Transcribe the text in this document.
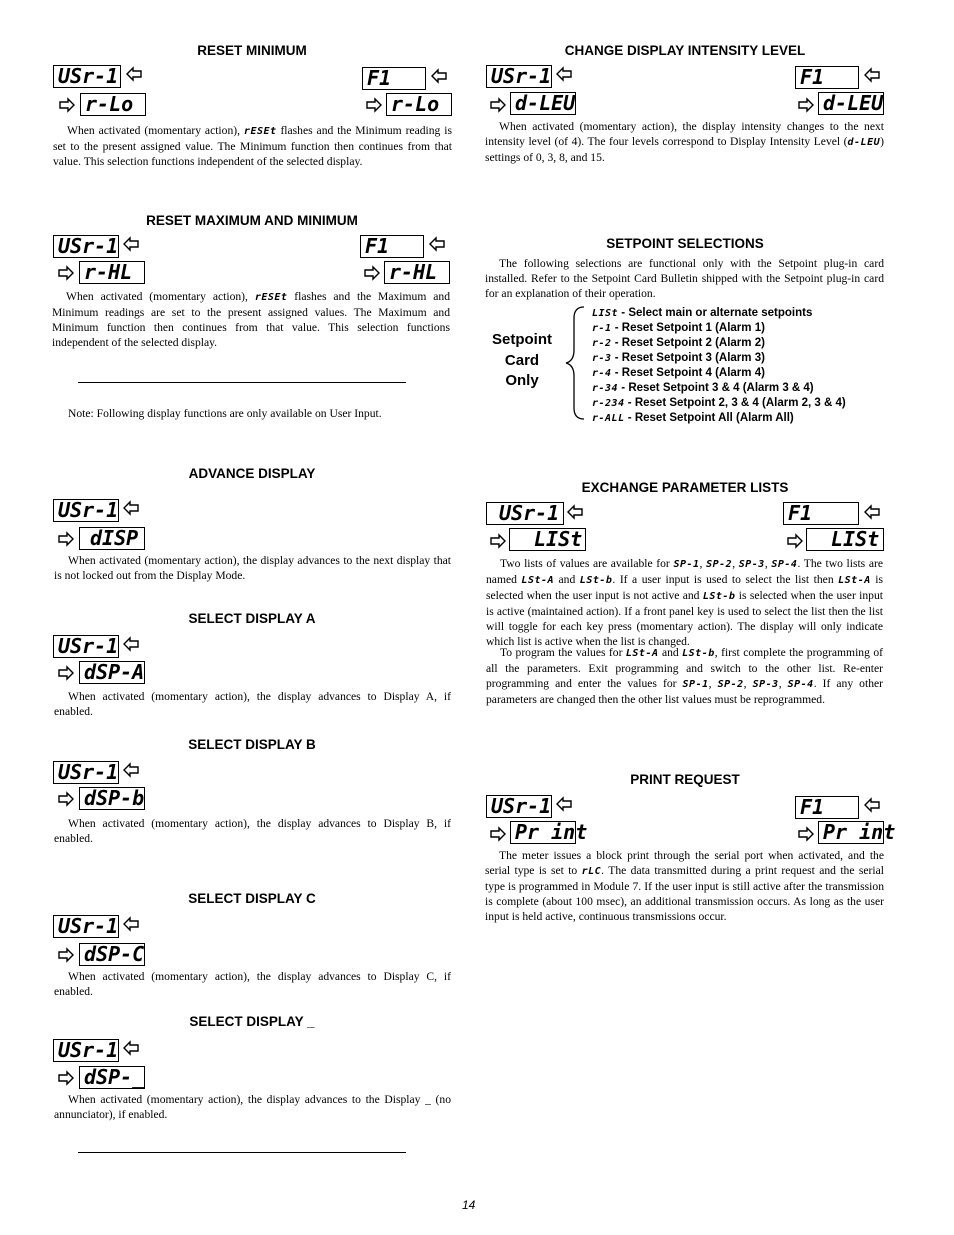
RESET MINIMUM
USr-1
r-Lo
F1
r-Lo
When activated (momentary action), rESEt flashes and the Minimum reading is set to the present assigned value. The Minimum function then continues from that value. This selection functions independent of the selected display.
RESET MAXIMUM AND MINIMUM
USr-1
r-HL
F1
r-HL
When activated (momentary action), rESEt flashes and the Maximum and Minimum readings are set to the present assigned values. The Maximum and Minimum function then continues from that value. This selection functions independent of the selected display.
Note: Following display functions are only available on User Input.
ADVANCE DISPLAY
USr-1
dISP
When activated (momentary action), the display advances to the next display that is not locked out from the Display Mode.
SELECT DISPLAY A
USr-1
dSP-A
When activated (momentary action), the display advances to Display A, if enabled.
SELECT DISPLAY B
USr-1
dSP-b
When activated (momentary action), the display advances to Display B, if enabled.
SELECT DISPLAY C
USr-1
dSP-C
When activated (momentary action), the display advances to Display C, if enabled.
SELECT DISPLAY _
USr-1
dSP-_
When activated (momentary action), the display advances to the Display _ (no annunciator), if enabled.
CHANGE DISPLAY INTENSITY LEVEL
USr-1
d-LEU
F1
d-LEU
When activated (momentary action), the display intensity changes to the next intensity level (of 4). The four levels correspond to Display Intensity Level (d-LEU) settings of 0, 3, 8, and 15.
SETPOINT SELECTIONS
The following selections are functional only with the Setpoint plug-in card installed. Refer to the Setpoint Card Bulletin shipped with the Setpoint plug-in card for an explanation of their operation.
Setpoint
Card
Only
LISt - Select main or alternate setpoints
r-1 - Reset Setpoint 1 (Alarm 1)
r-2 - Reset Setpoint 2 (Alarm 2)
r-3 - Reset Setpoint 3 (Alarm 3)
r-4 - Reset Setpoint 4 (Alarm 4)
r-34 - Reset Setpoint 3 & 4 (Alarm 3 & 4)
r-234 - Reset Setpoint 2, 3 & 4 (Alarm 2, 3 & 4)
r-ALL - Reset Setpoint All (Alarm All)
EXCHANGE PARAMETER LISTS
USr-1
LISt
F1
LISt
Two lists of values are available for SP-1, SP-2, SP-3, SP-4. The two lists are named LSt-A and LSt-b. If a user input is used to select the list then LSt-A is selected when the user input is not active and LSt-b is selected when the user input is active (maintained action). If a front panel key is used to select the list then the list will toggle for each key press (momentary action). The display will only indicate which list is active when the list is changed.
To program the values for LSt-A and LSt-b, first complete the programming of all the parameters. Exit programming and switch to the other list. Re-enter programming and enter the values for SP-1, SP-2, SP-3, SP-4. If any other parameters are changed then the other list values must be reprogrammed.
PRINT REQUEST
USr-1
Pr int
F1
Pr int
The meter issues a block print through the serial port when activated, and the serial type is set to rLC. The data transmitted during a print request and the serial type is programmed in Module 7. If the user input is still active after the transmission is complete (about 100 msec), an additional transmission occurs. As long as the user input is held active, continuous transmissions occur.
14
